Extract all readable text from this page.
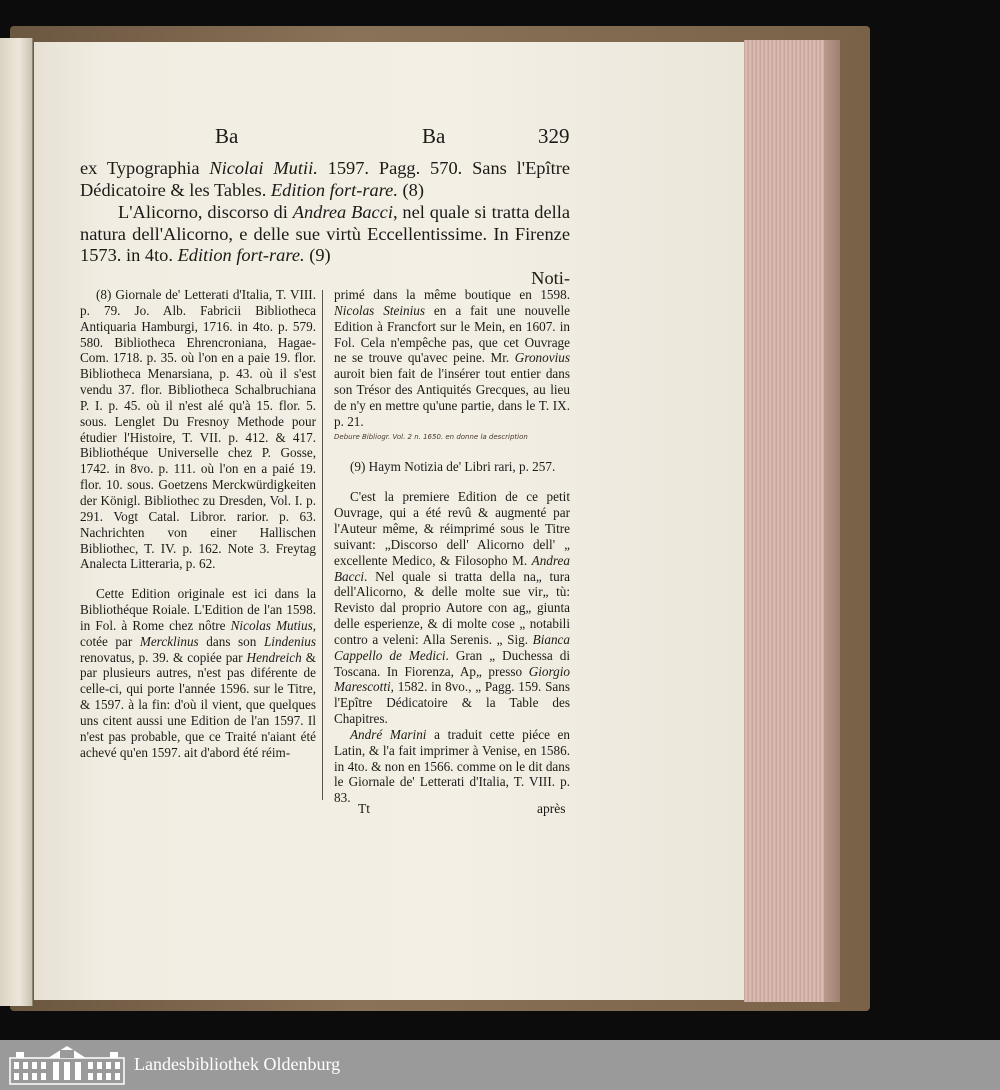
Ba	Ba	329

ex Typographia Nicolai Mutii. 1597. Pagg. 570. Sans l'Epître Dédicatoire & les Tables. Edition fort-rare. (8)

L'Alicorno, discorso di Andrea Bacci, nel quale si tratta della natura dell'Alicorno, e delle sue virtù Eccellentissime. In Firenze 1573. in 4to. Edition fort-rare. (9)

Noti-

(8) Giornale de' Letterati d'Italia, T. VIII. p. 79. Jo. Alb. Fabricii Bibliotheca Antiquaria Hamburgi, 1716. in 4to. p. 579. 580. Bibliotheca Ehrencroniana, Hagae-Com. 1718. p. 35. où l'on en a paie 19. flor. Bibliotheca Menarsiana, p. 43. où il s'est vendu 37. flor. Bibliotheca Schalbruchiana P. I. p. 45. où il n'est alé qu'à 15. flor. 5. sous. Lenglet Du Fresnoy Methode pour étudier l'Histoire, T. VII. p. 412. & 417. Bibliothéque Universelle chez P. Gosse, 1742. in 8vo. p. 111. où l'on en a paié 19. flor. 10. sous. Goetzens Merckwürdigkeiten der Königl. Bibliothec zu Dresden, Vol. I. p. 291. Vogt Catal. Libror. rarior. p. 63. Nachrichten von einer Hallischen Bibliothec, T. IV. p. 162. Note 3. Freytag Analecta Litteraria, p. 62.

Cette Edition originale est ici dans la Bibliothéque Roiale. L'Edition de l'an 1598. in Fol. à Rome chez nôtre Nicolas Mutius, cotée par Mercklinus dans son Lindenius renovatus, p. 39. & copiée par Hendreich & par plusieurs autres, n'est pas diférente de celle-ci, qui porte l'année 1596. sur le Titre, & 1597. à la fin: d'où il vient, que quelques uns citent aussi une Edition de l'an 1597. Il n'est pas probable, que ce Traité n'aiant été achevé qu'en 1597. ait d'abord été réim-

primé dans la même boutique en 1598. Nicolas Steinius en a fait une nouvelle Edition à Francfort sur le Mein, en 1607. in Fol. Cela n'empêche pas, que cet Ouvrage ne se trouve qu'avec peine. Mr. Gronovius auroit bien fait de l'insérer tout entier dans son Trésor des Antiquités Grecques, au lieu de n'y en mettre qu'une partie, dans le T. IX. p. 21.

Debure Bibliogr. Vol. 2 n. 1650. en donne la description

(9) Haym Notizia de' Libri rari, p. 257.

C'est la premiere Edition de ce petit Ouvrage, qui a été revû & augmenté par l'Auteur même, & réimprimé sous le Titre suivant: „Discorso dell' Alicorno dell' „ excellente Medico, & Filosopho M. Andrea Bacci. Nel quale si tratta della na„ tura dell'Alicorno, & delle molte sue vir„ tù: Revisto dal proprio Autore con ag„ giunta delle esperienze, & di molte cose „ notabili contro a veleni: Alla Serenis. „ Sig. Bianca Cappello de Medici. Gran „ Duchessa di Toscana. In Fiorenza, Ap„ presso Giorgio Marescotti, 1582. in 8vo., „ Pagg. 159. Sans l'Epître Dédicatoire & la Table des Chapitres.

André Marini a traduit cette piéce en Latin, & l'a fait imprimer à Venise, en 1586. in 4to. & non en 1566. comme on le dit dans le Giornale de' Letterati d'Italia, T. VIII. p. 83.

Tt	après
Landesbibliothek Oldenburg
